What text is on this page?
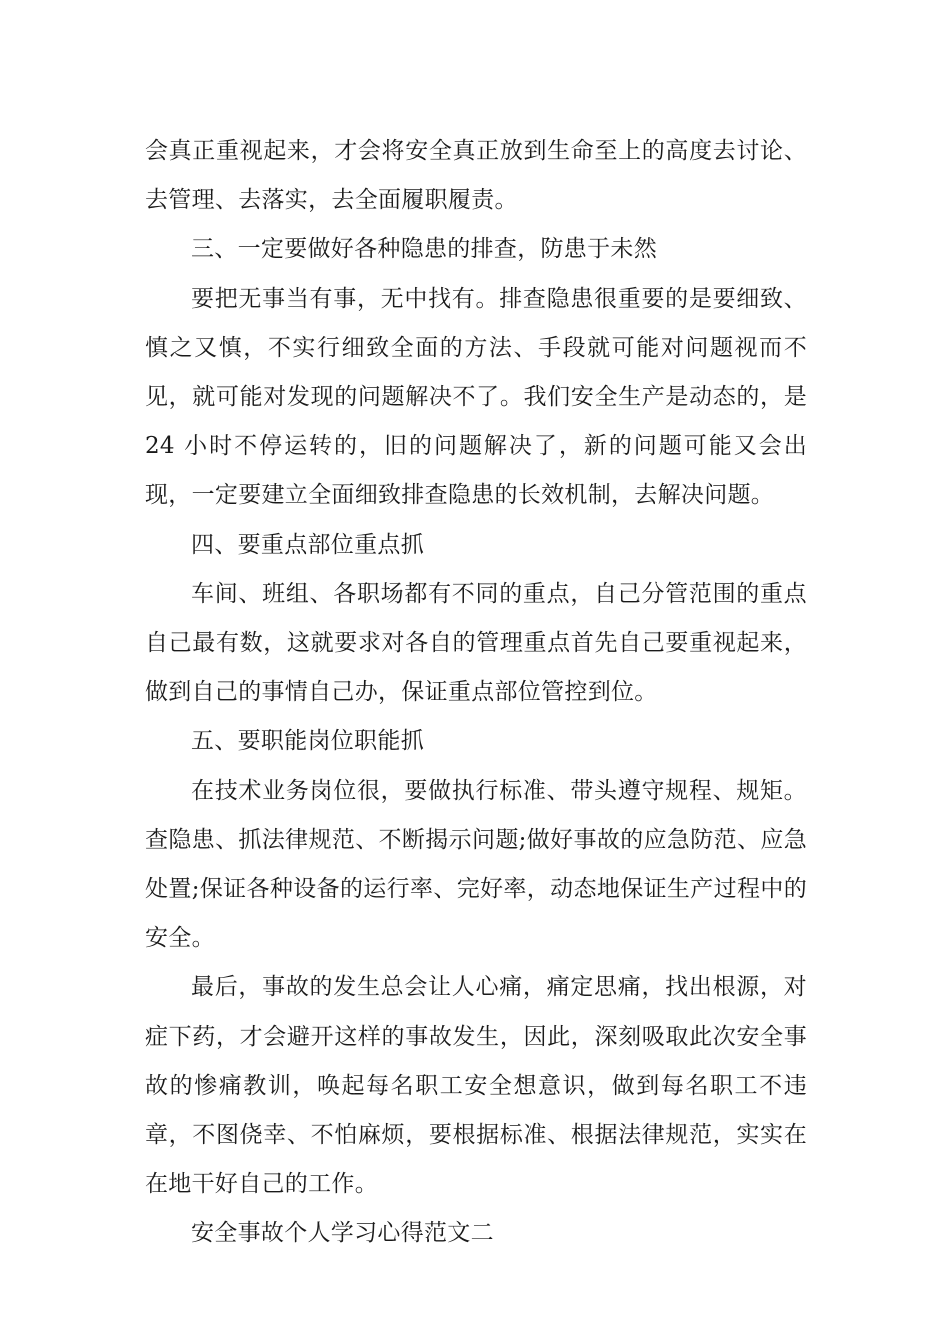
会真正重视起来，才会将安全真正放到生命至上的高度去讨论、去管理、去落实，去全面履职履责。

三、一定要做好各种隐患的排查，防患于未然

要把无事当有事，无中找有。排查隐患很重要的是要细致、慎之又慎，不实行细致全面的方法、手段就可能对问题视而不见，就可能对发现的问题解决不了。我们安全生产是动态的，是 24 小时不停运转的，旧的问题解决了，新的问题可能又会出现，一定要建立全面细致排查隐患的长效机制，去解决问题。

四、要重点部位重点抓

车间、班组、各职场都有不同的重点，自己分管范围的重点自己最有数，这就要求对各自的管理重点首先自己要重视起来，做到自己的事情自己办，保证重点部位管控到位。

五、要职能岗位职能抓

在技术业务岗位很，要做执行标准、带头遵守规程、规矩。查隐患、抓法律规范、不断揭示问题;做好事故的应急防范、应急处置;保证各种设备的运行率、完好率，动态地保证生产过程中的安全。

最后，事故的发生总会让人心痛，痛定思痛，找出根源，对症下药，才会避开这样的事故发生，因此，深刻吸取此次安全事故的惨痛教训，唤起每名职工安全想意识，做到每名职工不违章，不图侥幸、不怕麻烦，要根据标准、根据法律规范，实实在在地干好自己的工作。

安全事故个人学习心得范文二
